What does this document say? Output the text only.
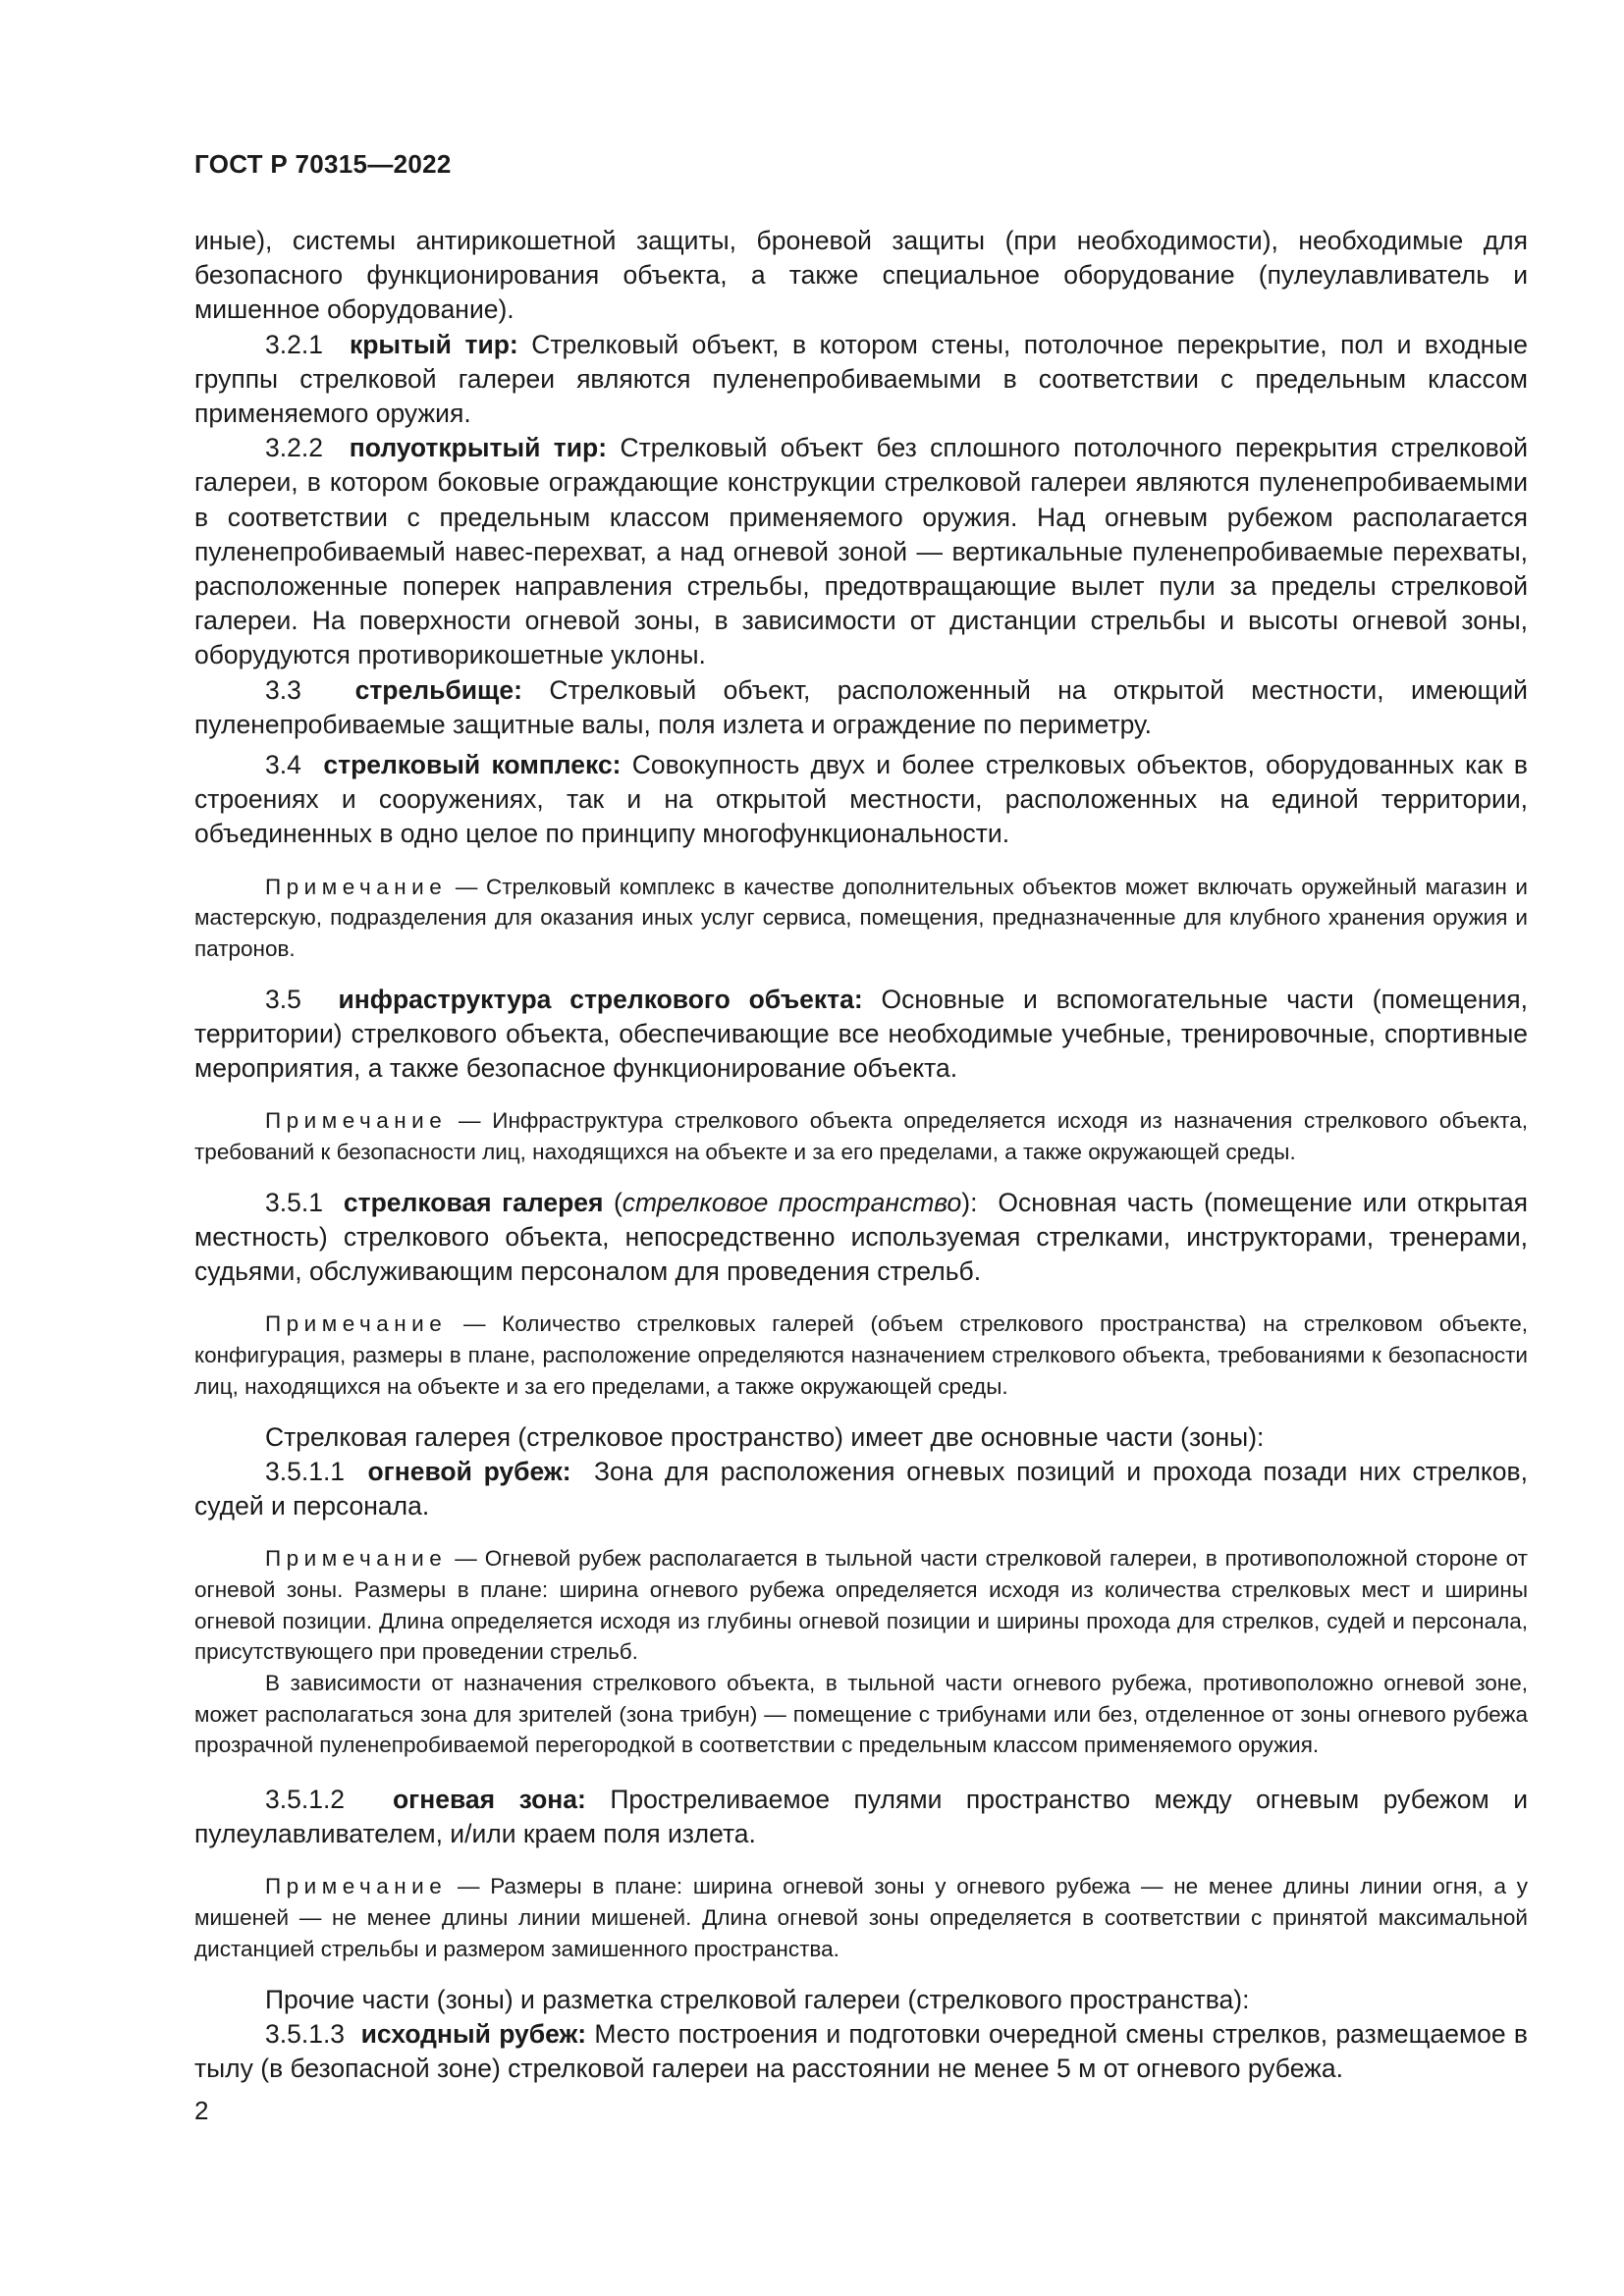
ГОСТ Р 70315—2022

иные), системы антирикошетной защиты, броневой защиты (при необходимости), необходимые для безопасного функционирования объекта, а также специальное оборудование (пулеулавливатель и мишенное оборудование).

3.2.1 крытый тир: Стрелковый объект, в котором стены, потолочное перекрытие, пол и входные группы стрелковой галереи являются пуленепробиваемыми в соответствии с предельным классом применяемого оружия.

3.2.2 полуоткрытый тир: Стрелковый объект без сплошного потолочного перекрытия стрелковой галереи, в котором боковые ограждающие конструкции стрелковой галереи являются пуленепробиваемыми в соответствии с предельным классом применяемого оружия. Над огневым рубежом располагается пуленепробиваемый навес-перехват, а над огневой зоной — вертикальные пуленепробиваемые перехваты, расположенные поперек направления стрельбы, предотвращающие вылет пули за пределы стрелковой галереи. На поверхности огневой зоны, в зависимости от дистанции стрельбы и высоты огневой зоны, оборудуются противорикошетные уклоны.

3.3 стрельбище: Стрелковый объект, расположенный на открытой местности, имеющий пуленепробиваемые защитные валы, поля излета и ограждение по периметру.

3.4 стрелковый комплекс: Совокупность двух и более стрелковых объектов, оборудованных как в строениях и сооружениях, так и на открытой местности, расположенных на единой территории, объединенных в одно целое по принципу многофункциональности.

Примечание — Стрелковый комплекс в качестве дополнительных объектов может включать оружейный магазин и мастерскую, подразделения для оказания иных услуг сервиса, помещения, предназначенные для клубного хранения оружия и патронов.

3.5 инфраструктура стрелкового объекта: Основные и вспомогательные части (помещения, территории) стрелкового объекта, обеспечивающие все необходимые учебные, тренировочные, спортивные мероприятия, а также безопасное функционирование объекта.

Примечание — Инфраструктура стрелкового объекта определяется исходя из назначения стрелкового объекта, требований к безопасности лиц, находящихся на объекте и за его пределами, а также окружающей среды.

3.5.1 стрелковая галерея (стрелковое пространство):  Основная часть (помещение или открытая местность) стрелкового объекта, непосредственно используемая стрелками, инструкторами, тренерами, судьями, обслуживающим персоналом для проведения стрельб.

Примечание — Количество стрелковых галерей (объем стрелкового пространства) на стрелковом объекте, конфигурация, размеры в плане, расположение определяются назначением стрелкового объекта, требованиями к безопасности лиц, находящихся на объекте и за его пределами, а также окружающей среды.

Стрелковая галерея (стрелковое пространство) имеет две основные части (зоны):

3.5.1.1 огневой рубеж: Зона для расположения огневых позиций и прохода позади них стрелков, судей и персонала.

Примечание — Огневой рубеж располагается в тыльной части стрелковой галереи, в противоположной стороне от огневой зоны. Размеры в плане: ширина огневого рубежа определяется исходя из количества стрелковых мест и ширины огневой позиции. Длина определяется исходя из глубины огневой позиции и ширины прохода для стрелков, судей и персонала, присутствующего при проведении стрельб.

В зависимости от назначения стрелкового объекта, в тыльной части огневого рубежа, противоположно огневой зоне, может располагаться зона для зрителей (зона трибун) — помещение с трибунами или без, отделенное от зоны огневого рубежа прозрачной пуленепробиваемой перегородкой в соответствии с предельным классом применяемого оружия.

3.5.1.2 огневая зона: Простреливаемое пулями пространство между огневым рубежом и пулеулавливателем, и/или краем поля излета.

Примечание — Размеры в плане: ширина огневой зоны у огневого рубежа — не менее длины линии огня, а у мишеней — не менее длины линии мишеней. Длина огневой зоны определяется в соответствии с принятой максимальной дистанцией стрельбы и размером замишенного пространства.

Прочие части (зоны) и разметка стрелковой галереи (стрелкового пространства):

3.5.1.3 исходный рубеж: Место построения и подготовки очередной смены стрелков, размещаемое в тылу (в безопасной зоне) стрелковой галереи на расстоянии не менее 5 м от огневого рубежа.

2
